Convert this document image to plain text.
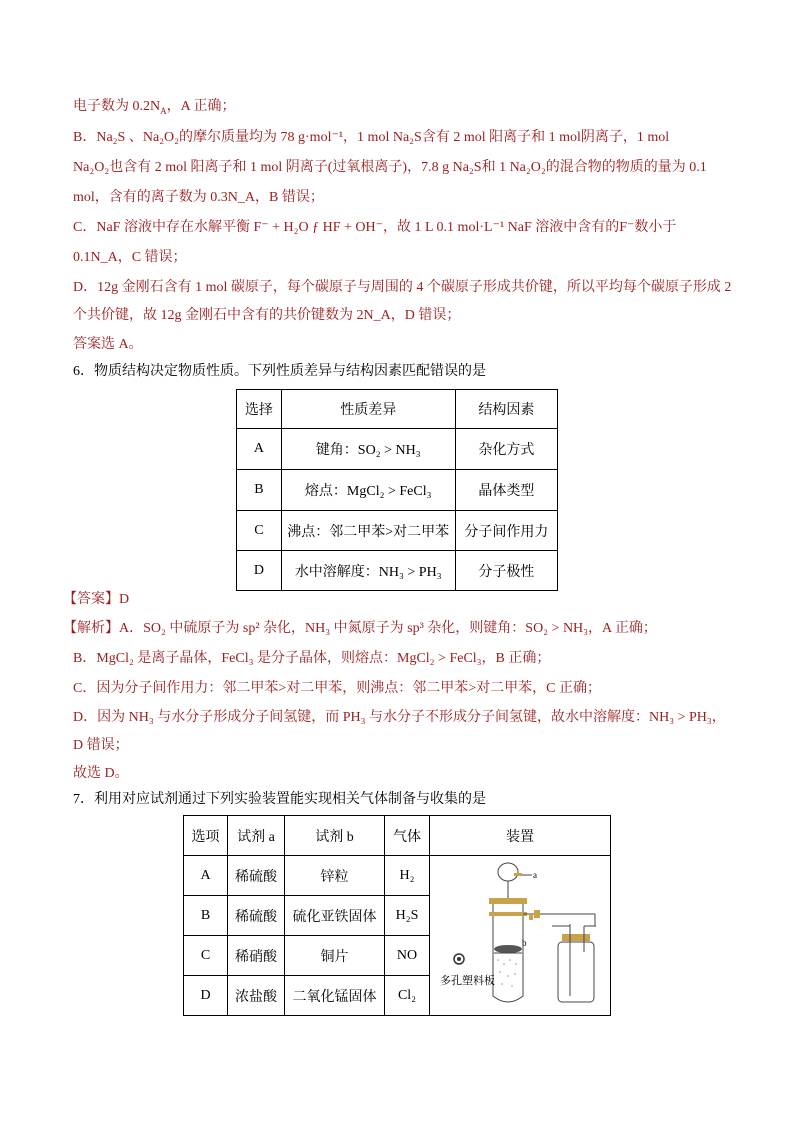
电子数为 $0.2N_A$，A 正确；
B．Na₂S 、Na₂O₂的摩尔质量均为 78 g·mol⁻¹，1 mol Na₂S含有 2 mol 阳离子和 1 mol阴离子，1 mol
Na₂O₂也含有 2 mol 阳离子和 1 mol 阴离子(过氧根离子)，7.8 g Na₂S和 1 Na₂O₂的混合物的物质的量为 0.1
mol，含有的离子数为 0.3N_A，B 错误；
C．NaF 溶液中存在水解平衡 F⁻ + H₂O ƒ HF + OH⁻，故 1 L 0.1 mol·L⁻¹ NaF 溶液中含有的F⁻数小于
0.1N_A，C 错误；
D．12g 金刚石含有 1 mol 碳原子，每个碳原子与周围的 4 个碳原子形成共价键，所以平均每个碳原子形成 2
个共价键，故 12g 金刚石中含有的共价键数为 2N_A，D 错误；
答案选 A。
6．物质结构决定物质性质。下列性质差异与结构因素匹配错误的是
选择	性质差异	结构因素
A	键角：SO₂ > NH₃	杂化方式
B	熔点：MgCl₂ > FeCl₃	晶体类型
C	沸点：邻二甲苯>对二甲苯	分子间作用力
D	水中溶解度：NH₃ > PH₃	分子极性
【答案】D
【解析】A．SO₂ 中硫原子为 sp² 杂化，NH₃ 中氮原子为 sp³ 杂化，则键角：SO₂ > NH₃，A 正确；
B．MgCl₂ 是离子晶体，FeCl₃ 是分子晶体，则熔点：MgCl₂ > FeCl₃，B 正确；
C．因为分子间作用力：邻二甲苯>对二甲苯，则沸点：邻二甲苯>对二甲苯，C 正确；
D．因为 NH₃ 与水分子形成分子间氢键，而 PH₃ 与水分子不形成分子间氢键，故水中溶解度：NH₃ > PH₃，
D 错误；
故选 D。
7．利用对应试剂通过下列实验装置能实现相关气体制备与收集的是
选项	试剂 a	试剂 b	气体	装置
A	稀硫酸	锌粒	H₂	
B	稀硫酸	硫化亚铁固体	H₂S	
C	稀硝酸	铜片	NO	
D	浓盐酸	二氧化锰固体	Cl₂	
a
b
多孔塑料板
